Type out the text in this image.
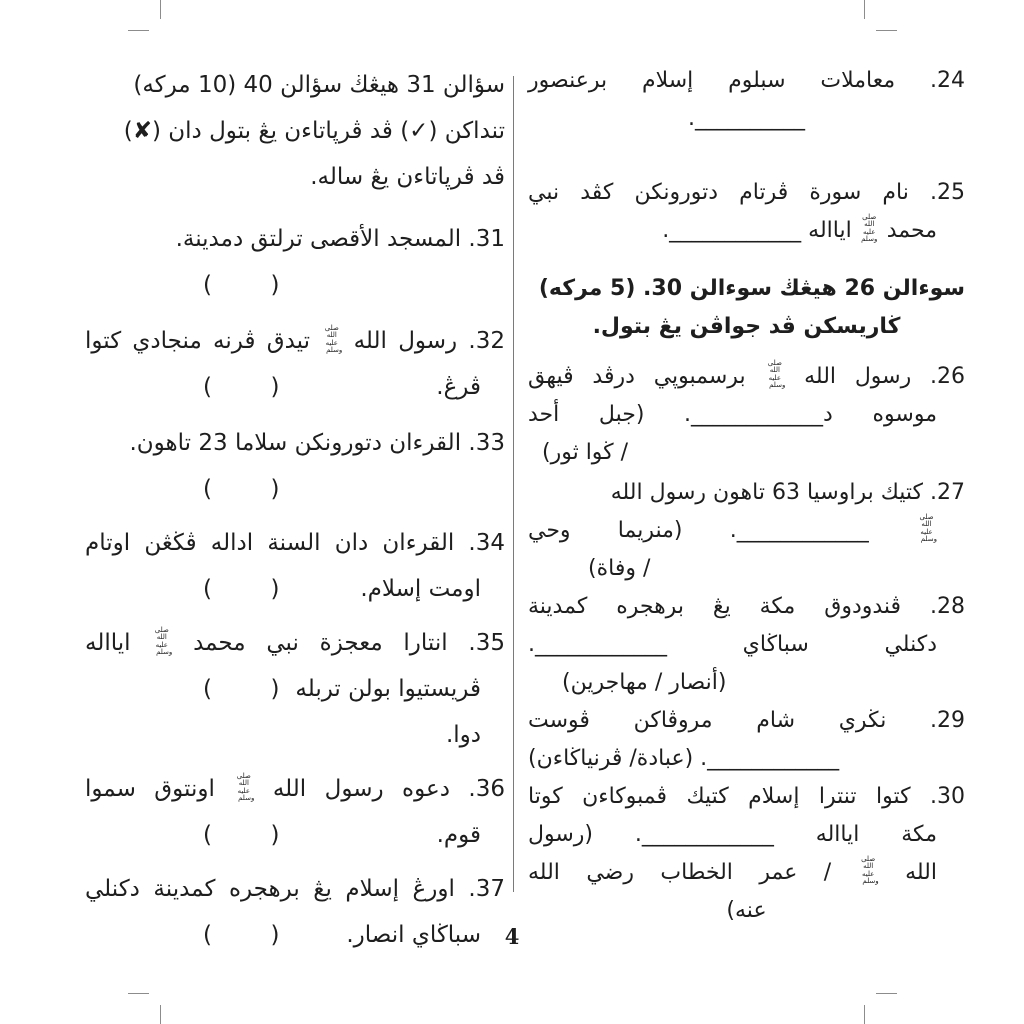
سؤالن 31 هيڠڬ سؤالن 40 ‏(10 مركه)
تنداكن ‏(✓) ڤد ڤرڽاتاءن يڠ بتول دان ‏(✘)
ڤد ڤرڽاتاءن يڠ ساله.
31. المسجد الأقصى ترلتق دمدينة.
(        )
32. رسول الله صلى الله عليه وسلم تيدق ڤرنه منجادي كتوا
ڤرڠ.
(        )
33. القرءان دتورونكن سلاما 23 تاهون.
(        )
34. القرءان دان السنة اداله ڤڬڠن اوتام
اومت إسلام.
(        )
35. انتارا معجزة نبي محمد صلى الله عليه وسلم ايااله
ڤريستيوا بولن تربله دوا.
(        )
36. دعوه رسول الله صلى الله عليه وسلم اونتوق سموا
قوم.
(        )
37. اورڠ إسلام يڠ برهجره كمدينة دكنلي
سباڬاي انصار.
(        )
24. معاملات سبلوم إسلام برعنصور
__________.
25. نام سورة ڤرتام دتورونكن كڤد نبي
محمد صلى الله عليه وسلم ايااله ____________.
سوءالن 26 هيڠڬ سوءالن 30. ‏(5 مركه)
ڬاريسكن ڤد جواڤن يڠ بتول.
26. رسول الله صلى الله عليه وسلم برسمبوڽي درڤد ڤيهق
موسوه د____________. ‏(جبل أحد
/ ڬوا ثور)
27. كتيك براوسيا 63 تاهون رسول الله
صلى الله عليه وسلم ____________. ‏(منريما وحي
/ وفاة)
28. ڤندودوق مكة يڠ برهجره كمدينة
دكنلي سباڬاي ____________.
‏(أنصار / مهاجرين)
29. نڬري شام مروڤاكن ڤوست
____________. ‏(عبادة/ ڤرنياڬاءن)
30. كتوا تنترا إسلام كتيك ڤمبوكاءن كوتا
مكة ايااله ____________. ‏(رسول
الله صلى الله عليه وسلم / عمر الخطاب رضي الله
عنه)
4
